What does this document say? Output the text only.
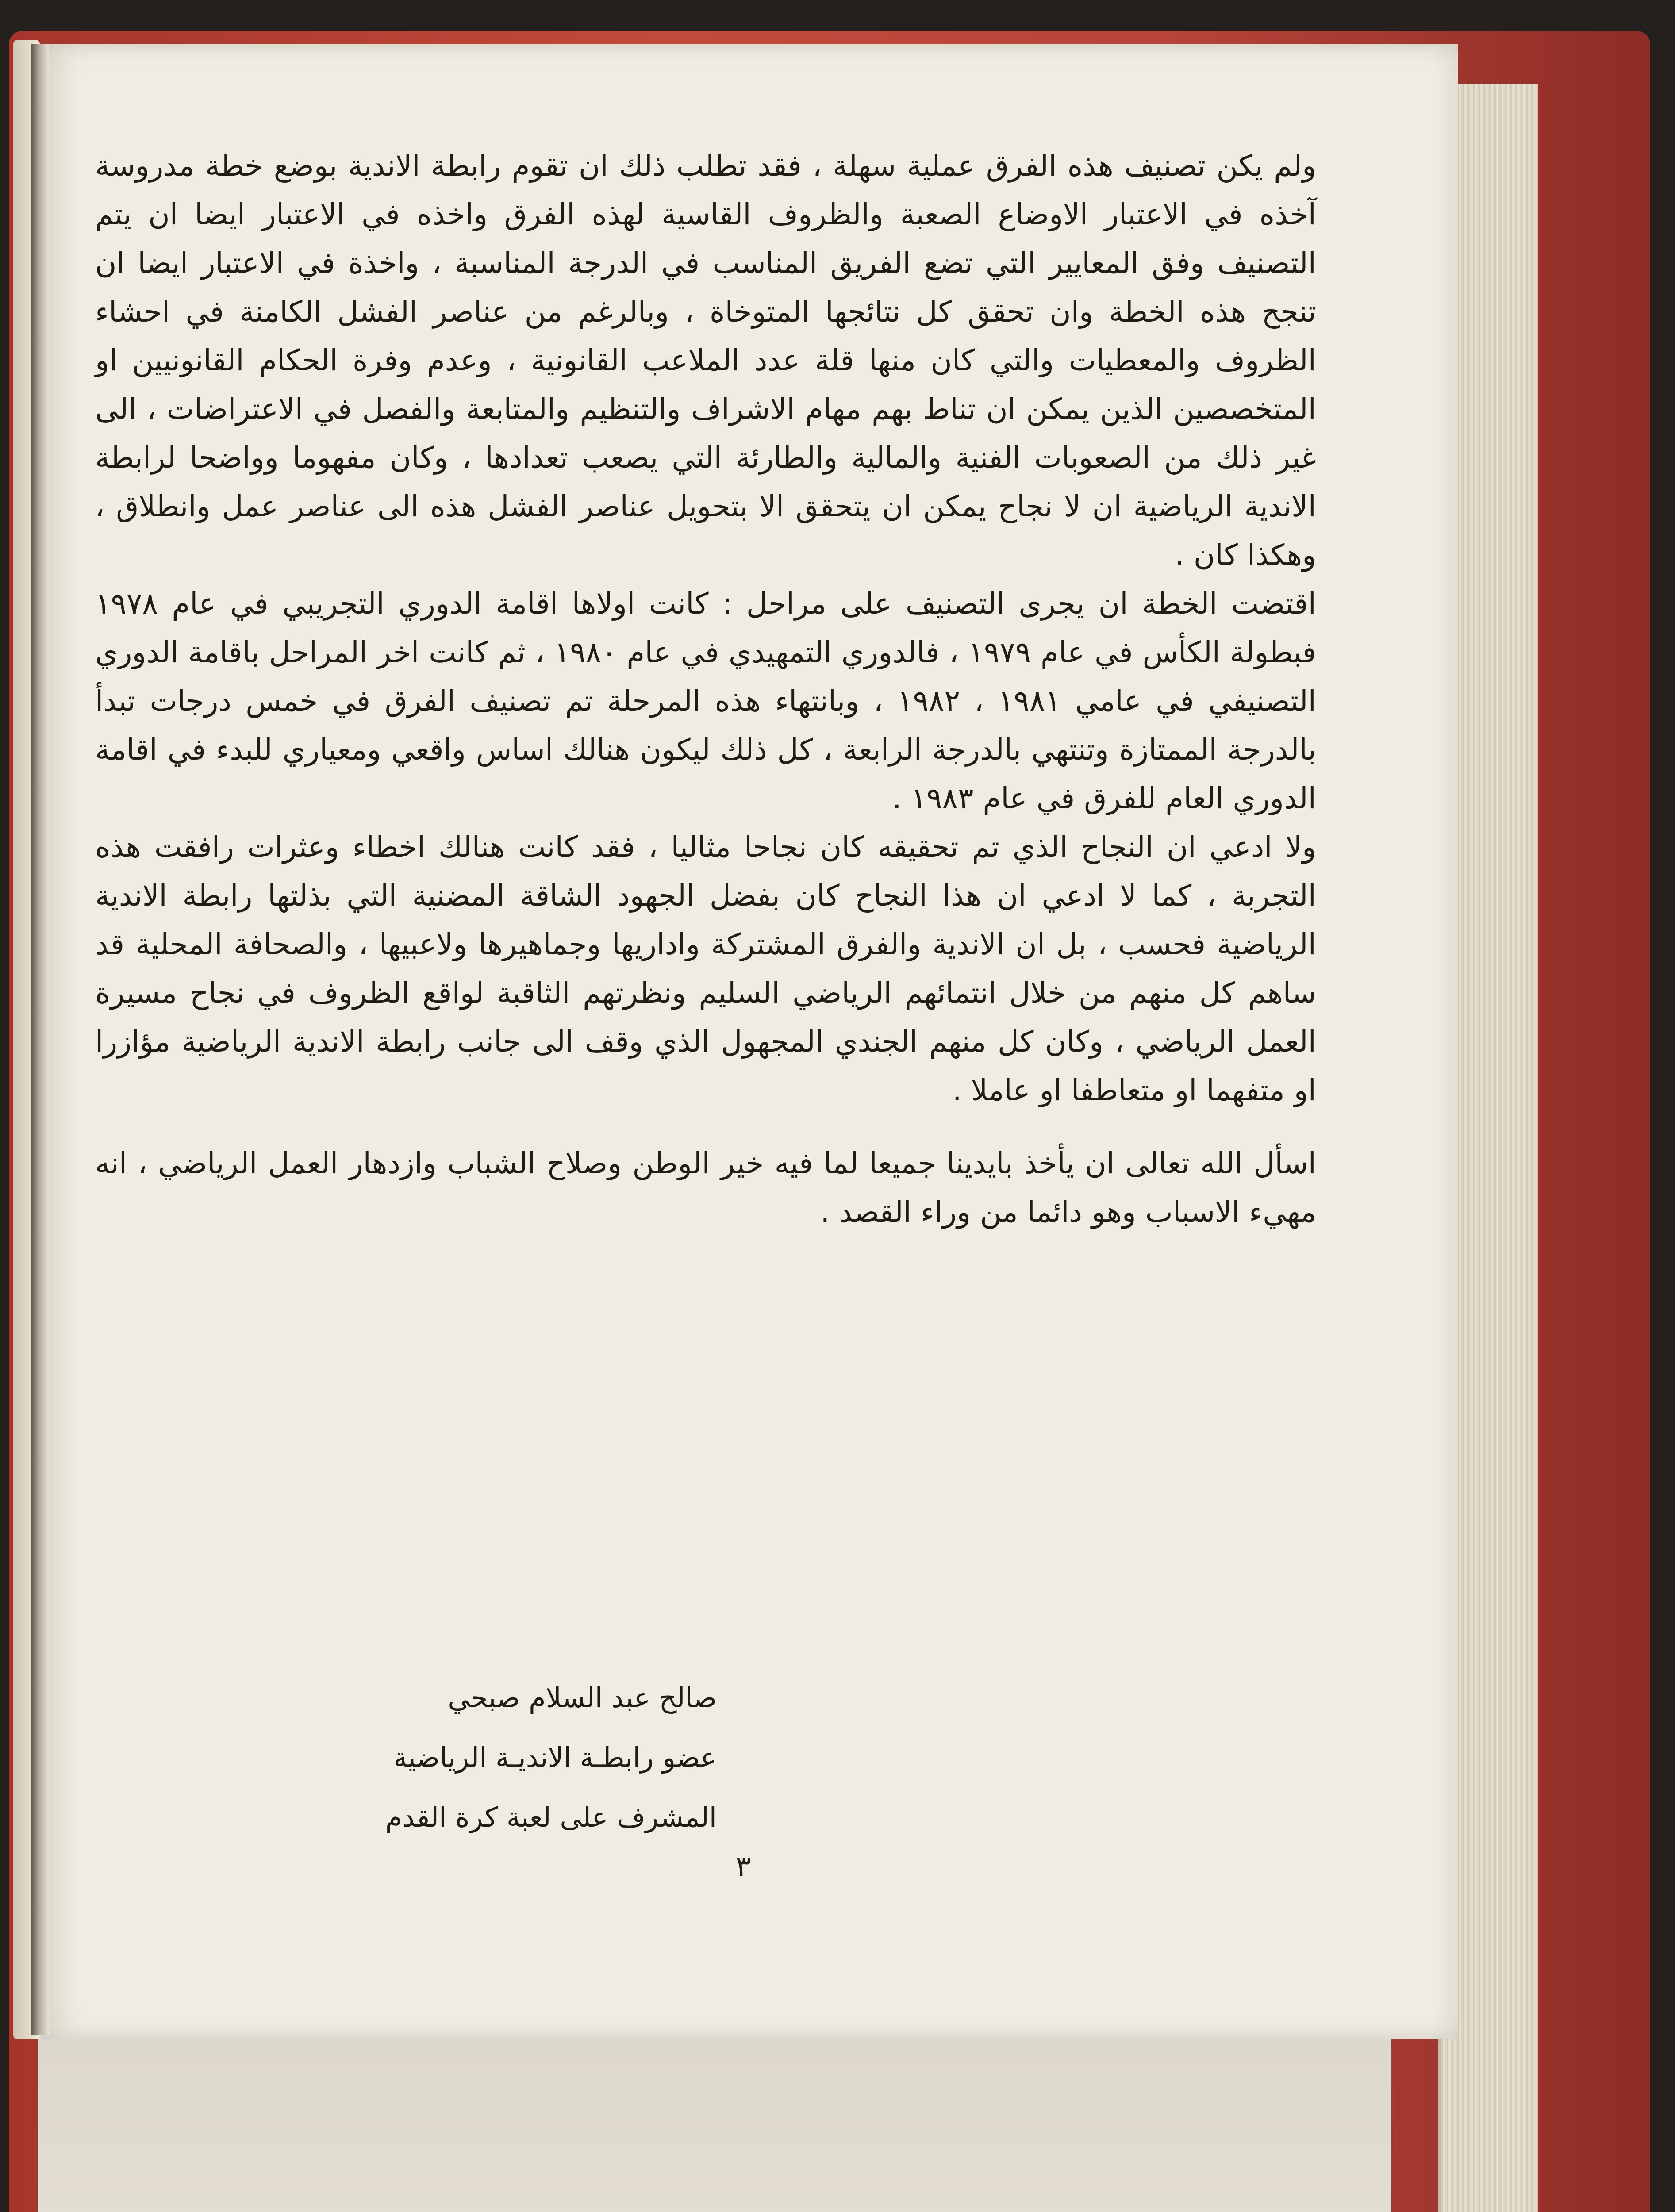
ولم يكن تصنيف هذه الفرق عملية سهلة ، فقد تطلب ذلك ان تقوم رابطة الاندية بوضع خطة مدروسة آخذه في الاعتبار الاوضاع الصعبة والظروف القاسية لهذه الفرق واخذه في الاعتبار ايضا ان يتم التصنيف وفق المعايير التي تضع الفريق المناسب في الدرجة المناسبة ، واخذة في الاعتبار ايضا ان تنجح هذه الخطة وان تحقق كل نتائجها المتوخاة ، وبالرغم من عناصر الفشل الكامنة في احشاء الظروف والمعطيات والتي كان منها قلة عدد الملاعب القانونية ، وعدم وفرة الحكام القانونيين او المتخصصين الذين يمكن ان تناط بهم مهام الاشراف والتنظيم والمتابعة والفصل في الاعتراضات ، الى غير ذلك من الصعوبات الفنية والمالية والطارئة التي يصعب تعدادها ، وكان مفهوما وواضحا لرابطة الاندية الرياضية ان لا نجاح يمكن ان يتحقق الا بتحويل عناصر الفشل هذه الى عناصر عمل وانطلاق ، وهكذا كان .

اقتضت الخطة ان يجرى التصنيف على مراحل : كانت اولاها اقامة الدوري التجريبي في عام ١٩٧٨ فبطولة الكأس في عام ١٩٧٩ ، فالدوري التمهيدي في عام ١٩٨٠ ، ثم كانت اخر المراحل باقامة الدوري التصنيفي في عامي ١٩٨١ ، ١٩٨٢ ، وبانتهاء هذه المرحلة تم تصنيف الفرق في خمس درجات تبدأ بالدرجة الممتازة وتنتهي بالدرجة الرابعة ، كل ذلك ليكون هنالك اساس واقعي ومعياري للبدء في اقامة الدوري العام للفرق في عام ١٩٨٣ .

ولا ادعي ان النجاح الذي تم تحقيقه كان نجاحا مثاليا ، فقد كانت هنالك اخطاء وعثرات رافقت هذه التجربة ، كما لا ادعي ان هذا النجاح كان بفضل الجهود الشاقة المضنية التي بذلتها رابطة الاندية الرياضية فحسب ، بل ان الاندية والفرق المشتركة واداريها وجماهيرها ولاعبيها ، والصحافة المحلية قد ساهم كل منهم من خلال انتمائهم الرياضي السليم ونظرتهم الثاقبة لواقع الظروف في نجاح مسيرة العمل الرياضي ، وكان كل منهم الجندي المجهول الذي وقف الى جانب رابطة الاندية الرياضية مؤازرا او متفهما او متعاطفا او عاملا .

اسأل الله تعالى ان يأخذ بايدينا جميعا لما فيه خير الوطن وصلاح الشباب وازدهار العمل الرياضي ، انه مهيء الاسباب وهو دائما من وراء القصد .

صالح عبد السلام صبحي
عضو رابطـة الانديـة الرياضية
المشرف على لعبة كرة القدم
٣
